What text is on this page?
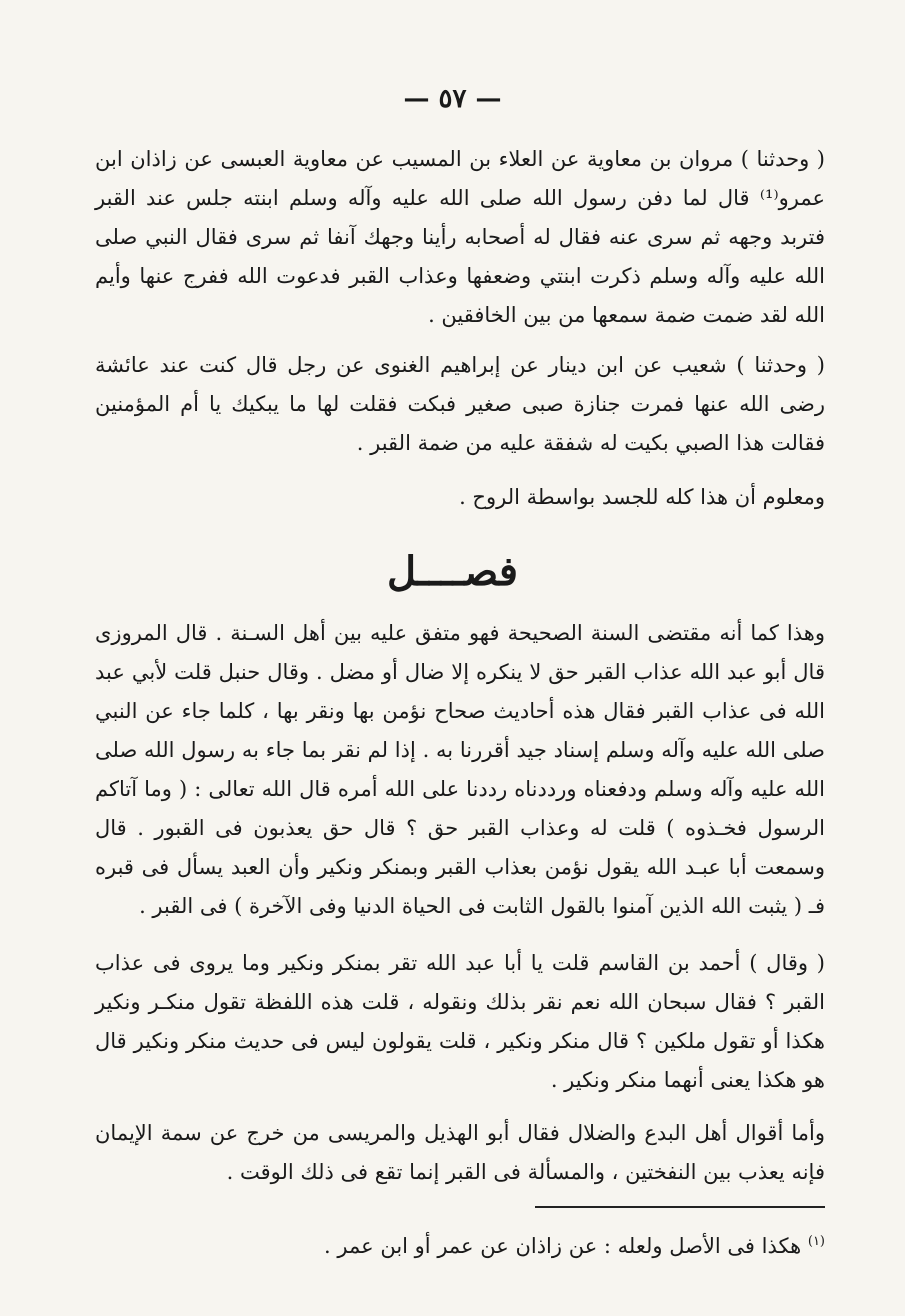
— ٥٧ —

( وحدثنا ) مروان بن معاوية عن العلاء بن المسيب عن معاوية العبسى عن زاذان ابن عمرو⁽¹⁾ قال لما دفن رسول الله صلى الله عليه وآله وسلم ابنته جلس عند القبر فتربد وجهه ثم سرى عنه فقال له أصحابه رأينا وجهك آنفا ثم سرى فقال النبي صلى الله عليه وآله وسلم ذكرت ابنتي وضعفها وعذاب القبر فدعوت الله ففرج عنها وأيم الله لقد ضمت ضمة سمعها من بين الخافقين .

( وحدثنا ) شعيب عن ابن دينار عن إبراهيم الغنوى عن رجل قال كنت عند عائشة رضى الله عنها فمرت جنازة صبى صغير فبكت فقلت لها ما يبكيك يا أم المؤمنين فقالت هذا الصبي بكيت له شفقة عليه من ضمة القبر .

ومعلوم أن هذا كله للجسد بواسطة الروح .

فصــــل

وهذا كما أنه مقتضى السنة الصحيحة فهو متفق عليه بين أهل السـنة . قال المروزى قال أبو عبد الله عذاب القبر حق لا ينكره إلا ضال أو مضل . وقال حنبل قلت لأبي عبد الله فى عذاب القبر فقال هذه أحاديث صحاح نؤمن بها ونقر بها ، كلما جاء عن النبي صلى الله عليه وآله وسلم إسناد جيد أقررنا به . إذا لم نقر بما جاء به رسول الله صلى الله عليه وآله وسلم ودفعناه ورددناه رددنا على الله أمره قال الله تعالى : ( وما آتاكم الرسول فخـذوه ) قلت له وعذاب القبر حق ؟ قال حق يعذبون فى القبور . قال وسمعت أبا عبـد الله يقول نؤمن بعذاب القبر وبمنكر ونكير وأن العبد يسأل فى قبره فـ ( يثبت الله الذين آمنوا بالقول الثابت فى الحياة الدنيا وفى الآخرة ) فى القبر .

( وقال ) أحمد بن القاسم قلت يا أبا عبد الله تقر بمنكر ونكير وما يروى فى عذاب القبر ؟ فقال سبحان الله نعم نقر بذلك ونقوله ، قلت هذه اللفظة تقول منكـر ونكير هكذا أو تقول ملكين ؟ قال منكر ونكير ، قلت يقولون ليس فى حديث منكر ونكير قال هو هكذا يعنى أنهما منكر ونكير .

وأما أقوال أهل البدع والضلال فقال أبو الهذيل والمريسى من خرج عن سمة الإيمان فإنه يعذب بين النفختين ، والمسألة فى القبر إنما تقع فى ذلك الوقت .

$^{(١)}$ هكذا فى الأصل ولعله : عن زاذان عن عمر أو ابن عمر .
